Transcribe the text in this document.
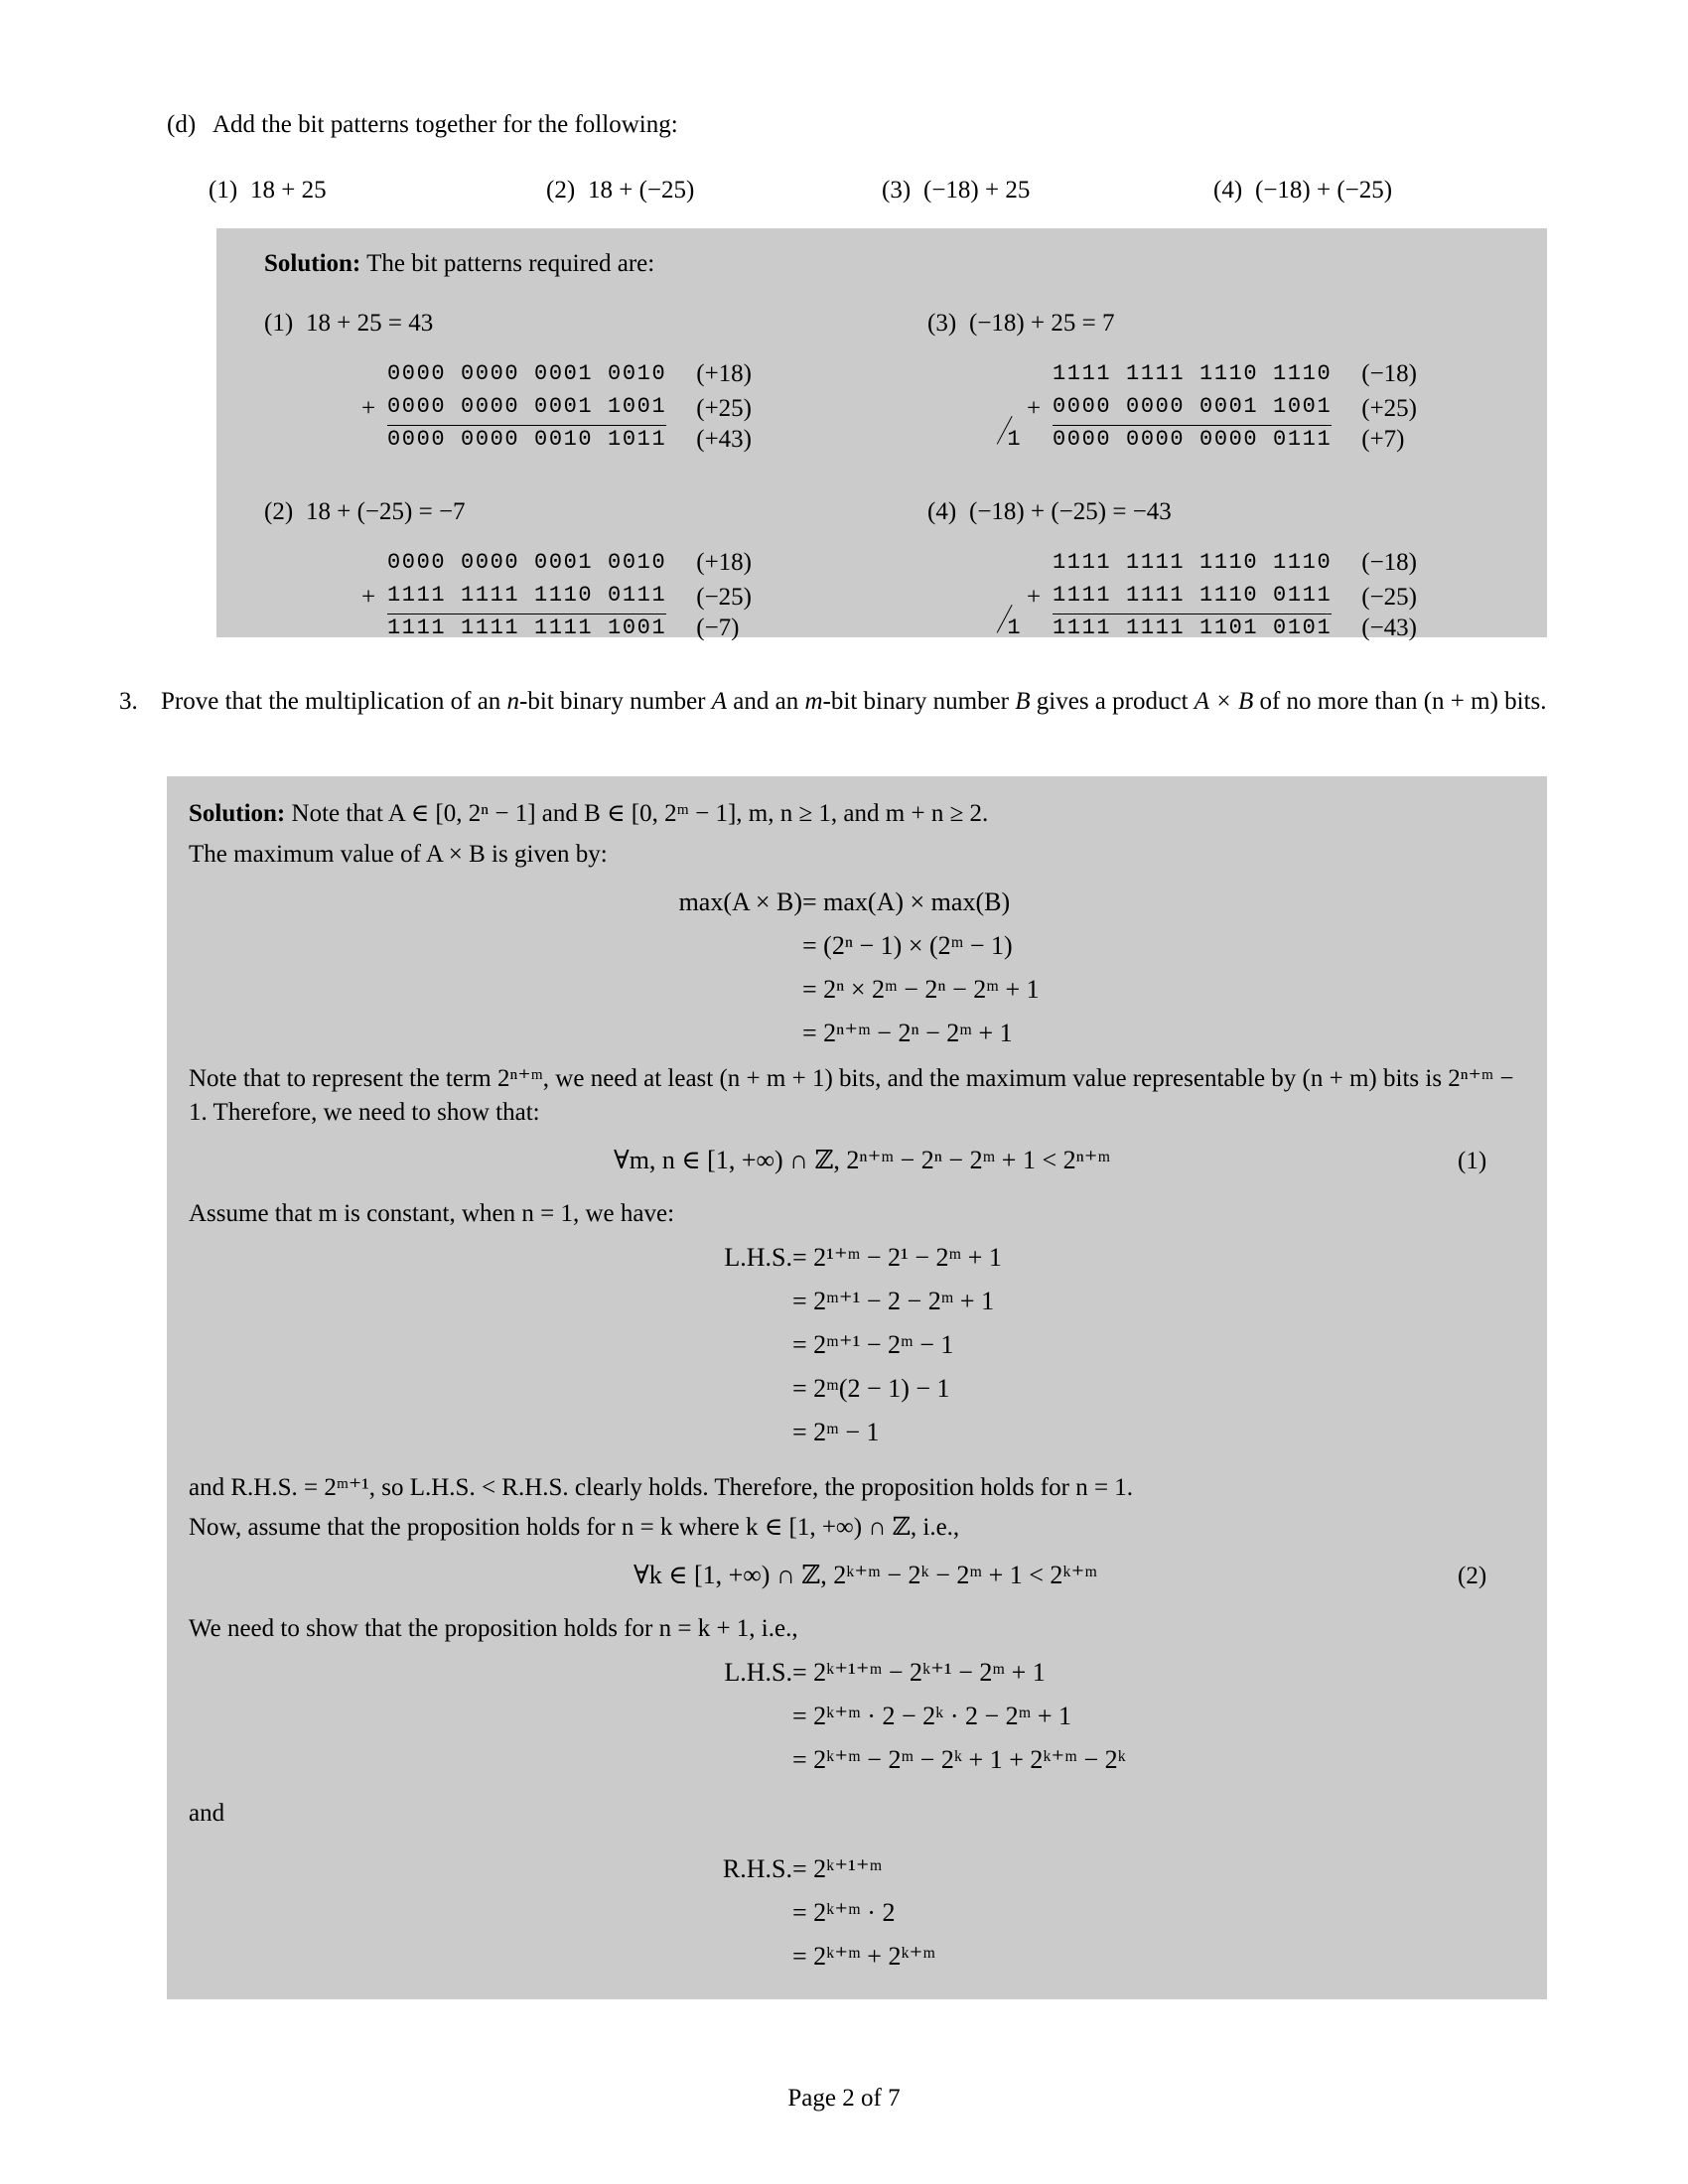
(d) Add the bit patterns together for the following:
(1) 18 + 25	(2) 18 + (−25)	(3) (−18) + 25	(4) (−18) + (−25)
Solution: The bit patterns required are:
(1) 18 + 25 = 43
0000 0000 0001 0010 (+18)
+ 0000 0000 0001 1001 (+25)
0000 0000 0010 1011 (+43)
(3) (−18) + 25 = 7
1111 1111 1110 1110 (−18)
+ 0000 0000 0001 1001 (+25)
1 0000 0000 0000 0111 (+7)
(2) 18 + (−25) = −7
0000 0000 0001 0010 (+18)
+ 1111 1111 1110 0111 (−25)
1111 1111 1111 1001 (−7)
(4) (−18) + (−25) = −43
1111 1111 1110 1110 (−18)
+ 1111 1111 1110 0111 (−25)
1 1111 1111 1101 0101 (−43)
3. Prove that the multiplication of an n-bit binary number A and an m-bit binary number B gives a product A × B of no more than (n + m) bits.
Solution: Note that A ∈ [0, 2ⁿ − 1] and B ∈ [0, 2ᵐ − 1], m, n ≥ 1, and m + n ≥ 2.
The maximum value of A × B is given by:
max(A × B) = max(A) × max(B)
= (2ⁿ − 1) × (2ᵐ − 1)
= 2ⁿ × 2ᵐ − 2ⁿ − 2ᵐ + 1
= 2ⁿ⁺ᵐ − 2ⁿ − 2ᵐ + 1
Note that to represent the term 2ⁿ⁺ᵐ, we need at least (n + m + 1) bits, and the maximum value representable by (n + m) bits is 2ⁿ⁺ᵐ − 1. Therefore, we need to show that:
∀m, n ∈ [1, +∞) ∩ ℤ, 2ⁿ⁺ᵐ − 2ⁿ − 2ᵐ + 1 < 2ⁿ⁺ᵐ	(1)
Assume that m is constant, when n = 1, we have:
L.H.S. = 2¹⁺ᵐ − 2¹ − 2ᵐ + 1
= 2ᵐ⁺¹ − 2 − 2ᵐ + 1
= 2ᵐ⁺¹ − 2ᵐ − 1
= 2ᵐ(2 − 1) − 1
= 2ᵐ − 1
and R.H.S. = 2ᵐ⁺¹, so L.H.S. < R.H.S. clearly holds. Therefore, the proposition holds for n = 1.
Now, assume that the proposition holds for n = k where k ∈ [1, +∞) ∩ ℤ, i.e.,
∀k ∈ [1, +∞) ∩ ℤ, 2ᵏ⁺ᵐ − 2ᵏ − 2ᵐ + 1 < 2ᵏ⁺ᵐ	(2)
We need to show that the proposition holds for n = k + 1, i.e.,
L.H.S. = 2ᵏ⁺¹⁺ᵐ − 2ᵏ⁺¹ − 2ᵐ + 1
= 2ᵏ⁺ᵐ · 2 − 2ᵏ · 2 − 2ᵐ + 1
= 2ᵏ⁺ᵐ − 2ᵐ − 2ᵏ + 1 + 2ᵏ⁺ᵐ − 2ᵏ
and
R.H.S. = 2ᵏ⁺¹⁺ᵐ
= 2ᵏ⁺ᵐ · 2
= 2ᵏ⁺ᵐ + 2ᵏ⁺ᵐ
Page 2 of 7
